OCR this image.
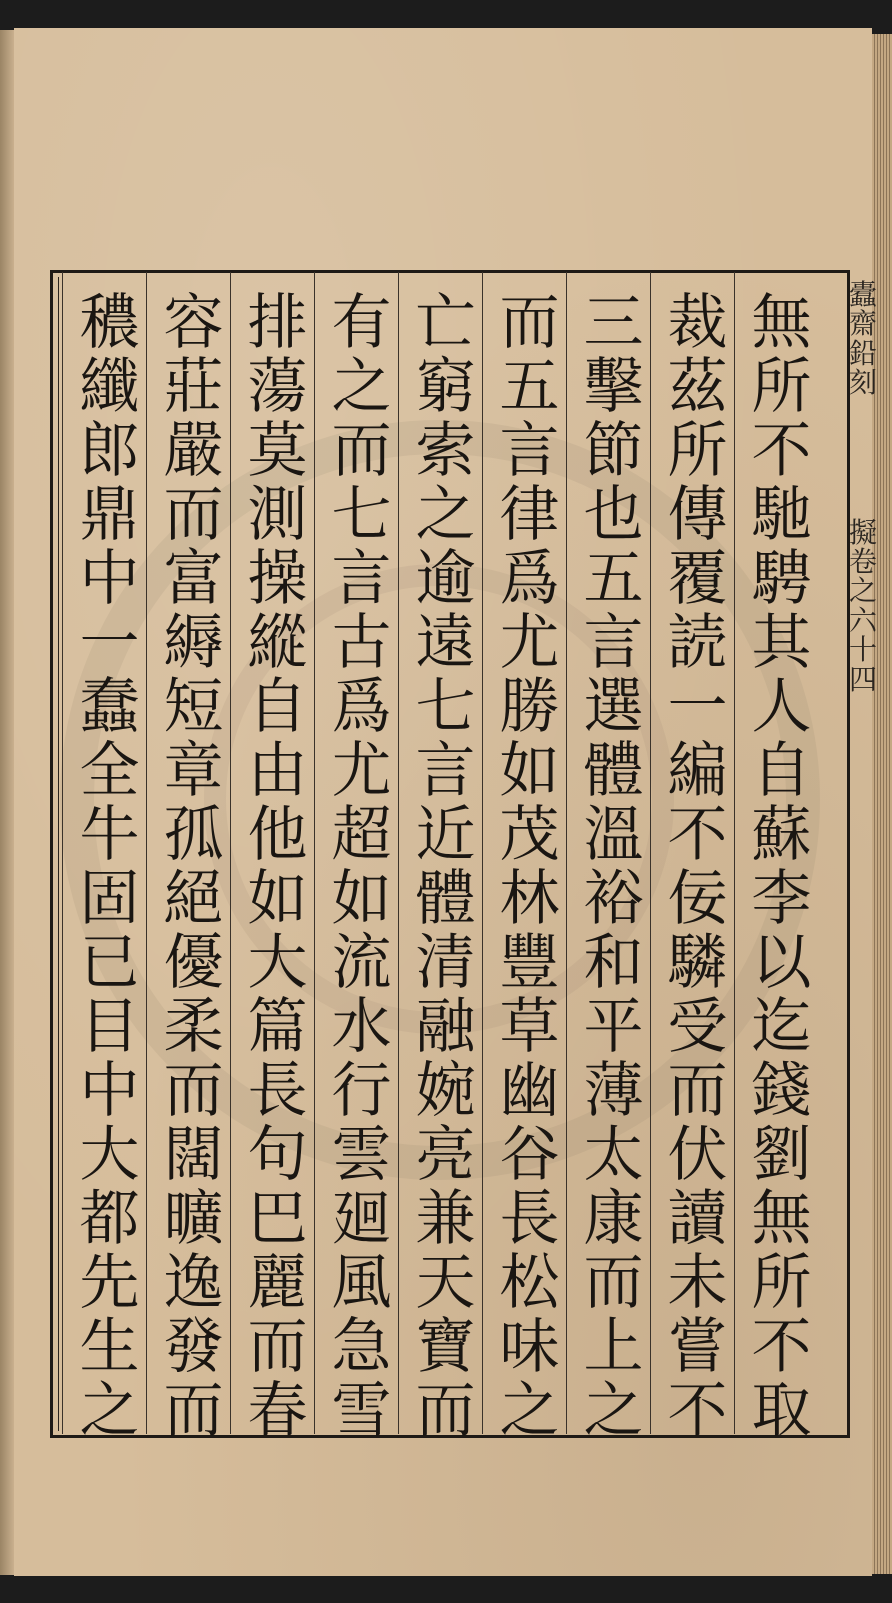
蠹
齋
鉛
刻
擬
卷
之
六
十
四
無所不馳騁其人自蘇李以迄錢劉無所不取
裁茲所傳覆読一編不佞驎受而伏讀未嘗不
三擊節也五言選體溫裕和平薄太康而上之
而五言律爲尤勝如茂林豐草幽谷長松味之
亡窮索之逾遠七言近體清融婉亮兼天寶而
有之而七言古爲尤超如流水行雲廻風急雪
排蕩莫測操縱自由他如大篇長句巴麗而春
容莊嚴而富縟短章孤絕優柔而闊曠逸發而
穠纖郎鼎中一蠢全牛固已目中大都先生之
